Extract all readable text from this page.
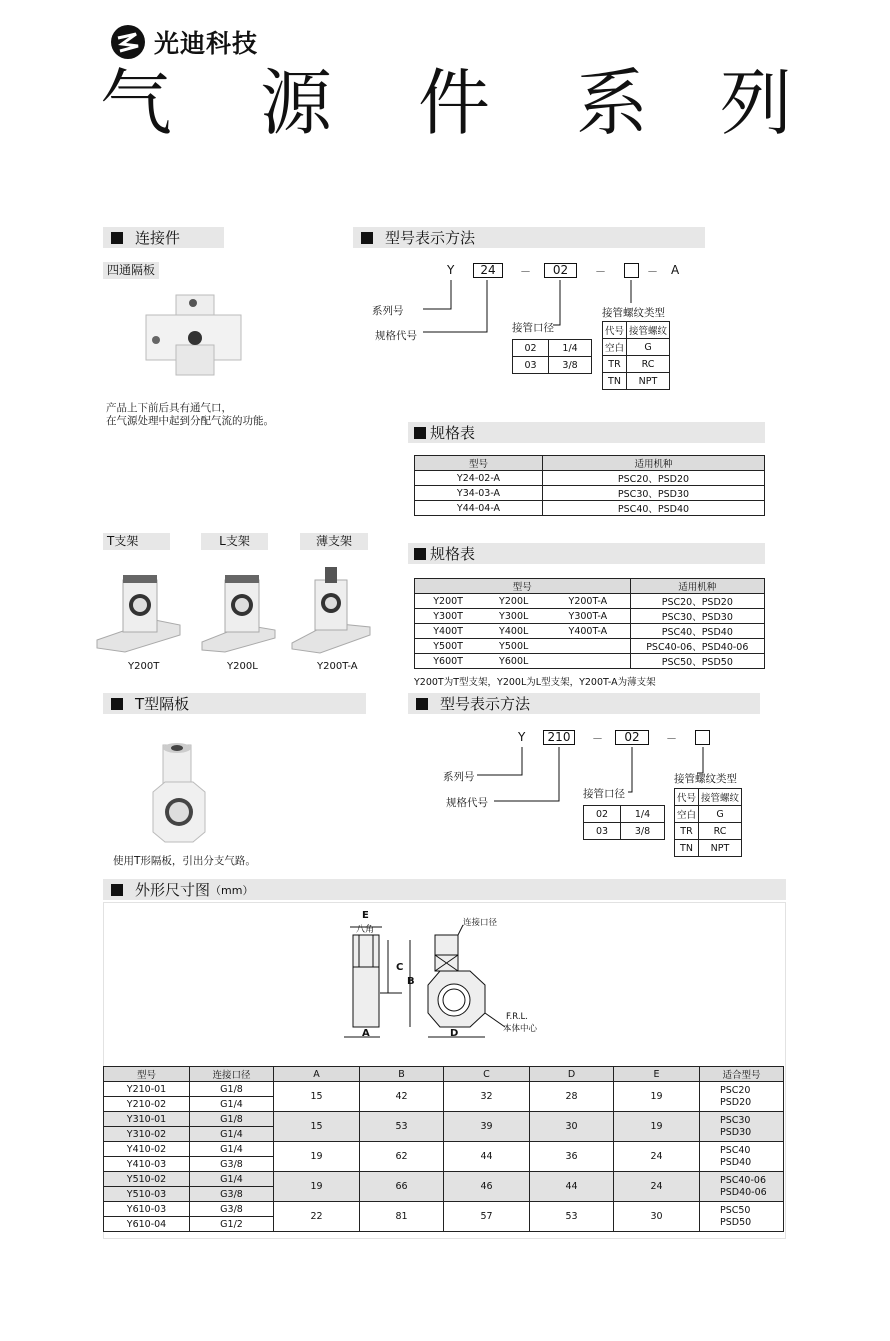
光迪科技
气 源 件 系 列
连接件
四通隔板
产品上下前后具有通气口，
在气源处理中起到分配气流的功能。
型号表示方法
Y	24	－	02	－	－ A
系列号
规格代号
接管口径
接管螺纹类型
02	1/4
03	3/8
代号	接管螺纹
空白	G
TR	RC
TN	NPT
规格表
型号	适用机种
Y24-02-A	PSC20、PSD20
Y34-03-A	PSC30、PSD30
Y44-04-A	PSC40、PSD40
T支架	L支架	薄支架
Y200T	Y200L	Y200T-A
规格表
型号			适用机种
Y200T	Y200L	Y200T-A	PSC20、PSD20
Y300T	Y300L	Y300T-A	PSC30、PSD30
Y400T	Y400L	Y400T-A	PSC40、PSD40
Y500T	Y500L		PSC40-06、PSD40-06
Y600T	Y600L		PSC50、PSD50
Y200T为T型支架，Y200L为L型支架，Y200T-A为薄支架
T型隔板
使用T形隔板，引出分支气路。
型号表示方法
Y	210	－	02	－
系列号
规格代号
接管口径
接管螺纹类型
02	1/4
03	3/8
代号	接管螺纹
空白	G
TR	RC
TN	NPT
外形尺寸图 （mm）
E
八角
C
B
A	D
连接口径
F.R.L.
本体中心
型号	连接口径	A	B	C	D	E	适合型号
Y210-01	G1/8	15	42	32	28	19	PSC20
PSD20

Y210-02	G1/4						
Y310-01	G1/8	15	53	39	30	19	PSC30
PSD30

Y310-02	G1/4						
Y410-02	G1/4	19	62	44	36	24	PSC40
PSD40

Y410-03	G3/8						
Y510-02	G1/4	19	66	46	44	24	PSC40-06
PSD40-06

Y510-03	G3/8						
Y610-03	G3/8	22	81	57	53	30	PSC50
PSD50

Y610-04	G1/2						
